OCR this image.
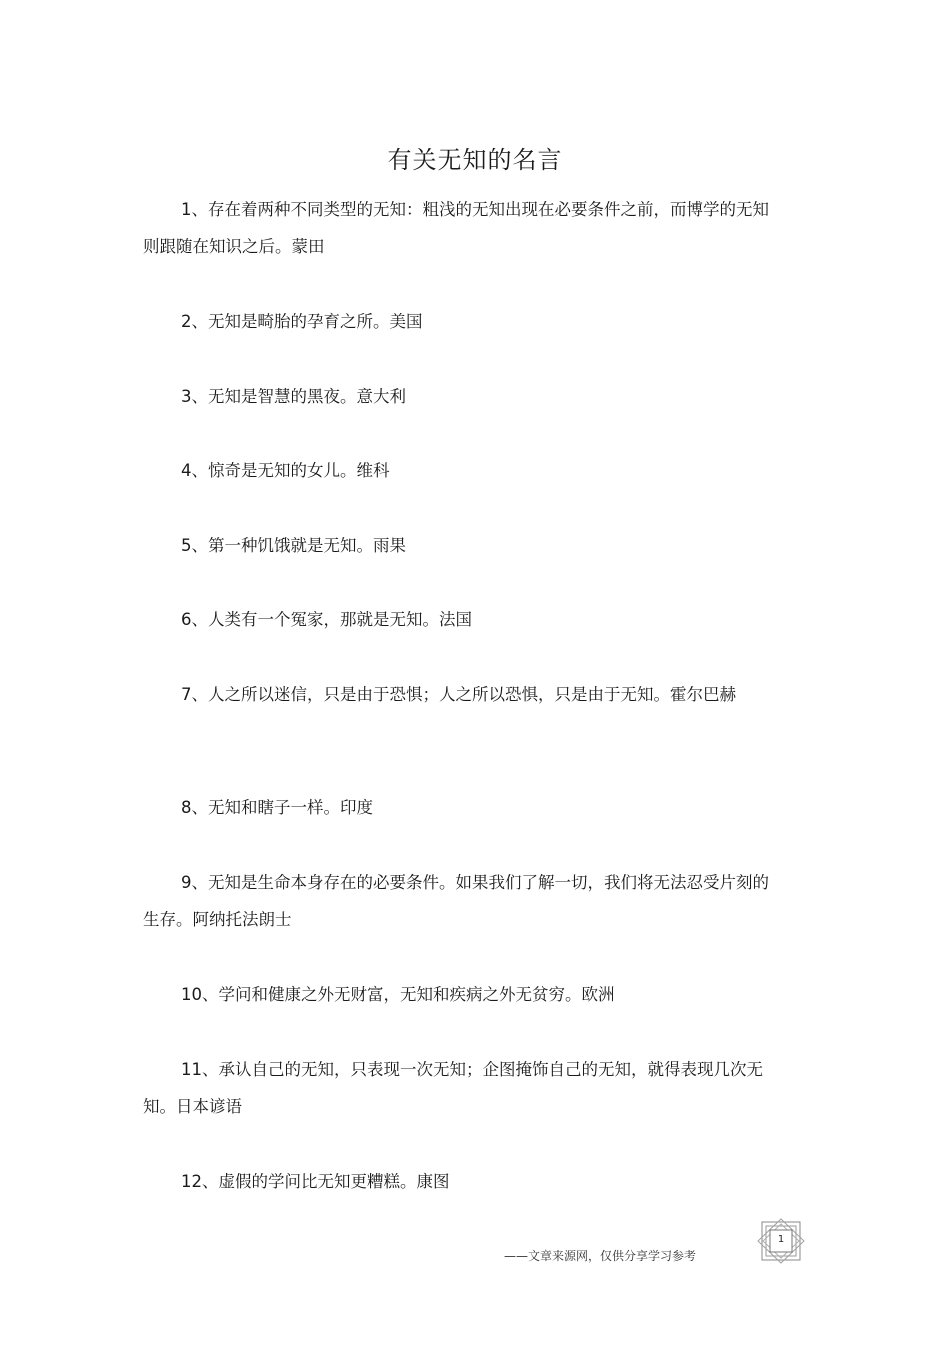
有关无知的名言

1、存在着两种不同类型的无知：粗浅的无知出现在必要条件之前，而博学的无知则跟随在知识之后。蒙田

2、无知是畸胎的孕育之所。美国

3、无知是智慧的黑夜。意大利

4、惊奇是无知的女儿。维科

5、第一种饥饿就是无知。雨果

6、人类有一个冤家，那就是无知。法国

7、人之所以迷信，只是由于恐惧；人之所以恐惧，只是由于无知。霍尔巴赫

8、无知和瞎子一样。印度

9、无知是生命本身存在的必要条件。如果我们了解一切，我们将无法忍受片刻的生存。阿纳托法朗士

10、学问和健康之外无财富，无知和疾病之外无贫穷。欧洲

11、承认自己的无知，只表现一次无知；企图掩饰自己的无知，就得表现几次无知。日本谚语

12、虚假的学问比无知更糟糕。康图

——文章来源网，仅供分享学习参考
1
